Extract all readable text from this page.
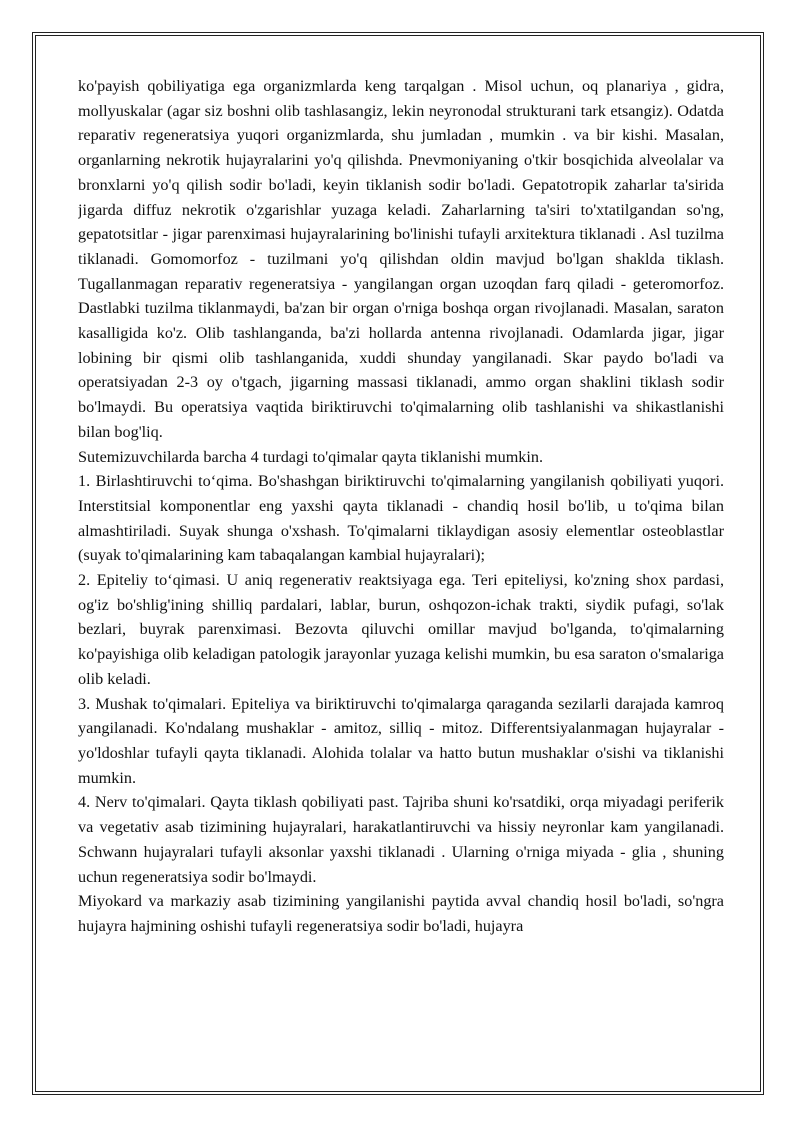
ko'payish qobiliyatiga ega organizmlarda keng tarqalgan . Misol uchun, oq planariya , gidra, mollyuskalar (agar siz boshni olib tashlasangiz, lekin neyronodal strukturani tark etsangiz). Odatda reparativ regeneratsiya yuqori organizmlarda, shu jumladan , mumkin . va bir kishi. Masalan, organlarning nekrotik hujayralarini yo'q qilishda. Pnevmoniyaning o'tkir bosqichida alveolalar va bronxlarni yo'q qilish sodir bo'ladi, keyin tiklanish sodir bo'ladi. Gepatotropik zaharlar ta'sirida jigarda diffuz nekrotik o'zgarishlar yuzaga keladi. Zaharlarning ta'siri to'xtatilgandan so'ng, gepatotsitlar - jigar parenximasi hujayralarining bo'linishi tufayli arxitektura tiklanadi . Asl tuzilma tiklanadi. Gomomorfoz - tuzilmani yo'q qilishdan oldin mavjud bo'lgan shaklda tiklash. Tugallanmagan reparativ regeneratsiya - yangilangan organ uzoqdan farq qiladi - geteromorfoz. Dastlabki tuzilma tiklanmaydi, ba'zan bir organ o'rniga boshqa organ rivojlanadi. Masalan, saraton kasalligida ko'z. Olib tashlanganda, ba'zi hollarda antenna rivojlanadi. Odamlarda jigar, jigar lobining bir qismi olib tashlanganida, xuddi shunday yangilanadi. Skar paydo bo'ladi va operatsiyadan 2-3 oy o'tgach, jigarning massasi tiklanadi, ammo organ shaklini tiklash sodir bo'lmaydi. Bu operatsiya vaqtida biriktiruvchi to'qimalarning olib tashlanishi va shikastlanishi bilan bog'liq.

Sutemizuvchilarda barcha 4 turdagi to'qimalar qayta tiklanishi mumkin.

1. Birlashtiruvchi to‘qima. Bo'shashgan biriktiruvchi to'qimalarning yangilanish qobiliyati yuqori. Interstitsial komponentlar eng yaxshi qayta tiklanadi - chandiq hosil bo'lib, u to'qima bilan almashtiriladi. Suyak shunga o'xshash. To'qimalarni tiklaydigan asosiy elementlar osteoblastlar (suyak to'qimalarining kam tabaqalangan kambial hujayralari);

2. Epiteliy to‘qimasi. U aniq regenerativ reaktsiyaga ega. Teri epiteliysi, ko'zning shox pardasi, og'iz bo'shlig'ining shilliq pardalari, lablar, burun, oshqozon-ichak trakti, siydik pufagi, so'lak bezlari, buyrak parenximasi. Bezovta qiluvchi omillar mavjud bo'lganda, to'qimalarning ko'payishiga olib keladigan patologik jarayonlar yuzaga kelishi mumkin, bu esa saraton o'smalariga olib keladi.

3. Mushak to'qimalari. Epiteliya va biriktiruvchi to'qimalarga qaraganda sezilarli darajada kamroq yangilanadi. Ko'ndalang mushaklar - amitoz, silliq - mitoz. Differentsiyalanmagan hujayralar - yo'ldoshlar tufayli qayta tiklanadi. Alohida tolalar va hatto butun mushaklar o'sishi va tiklanishi mumkin.

4. Nerv to'qimalari. Qayta tiklash qobiliyati past. Tajriba shuni ko'rsatdiki, orqa miyadagi periferik va vegetativ asab tizimining hujayralari, harakatlantiruvchi va hissiy neyronlar kam yangilanadi. Schwann hujayralari tufayli aksonlar yaxshi tiklanadi . Ularning o'rniga miyada - glia , shuning uchun regeneratsiya sodir bo'lmaydi.

Miyokard va markaziy asab tizimining yangilanishi paytida avval chandiq hosil bo'ladi, so'ngra hujayra hajmining oshishi tufayli regeneratsiya sodir bo'ladi, hujayra
